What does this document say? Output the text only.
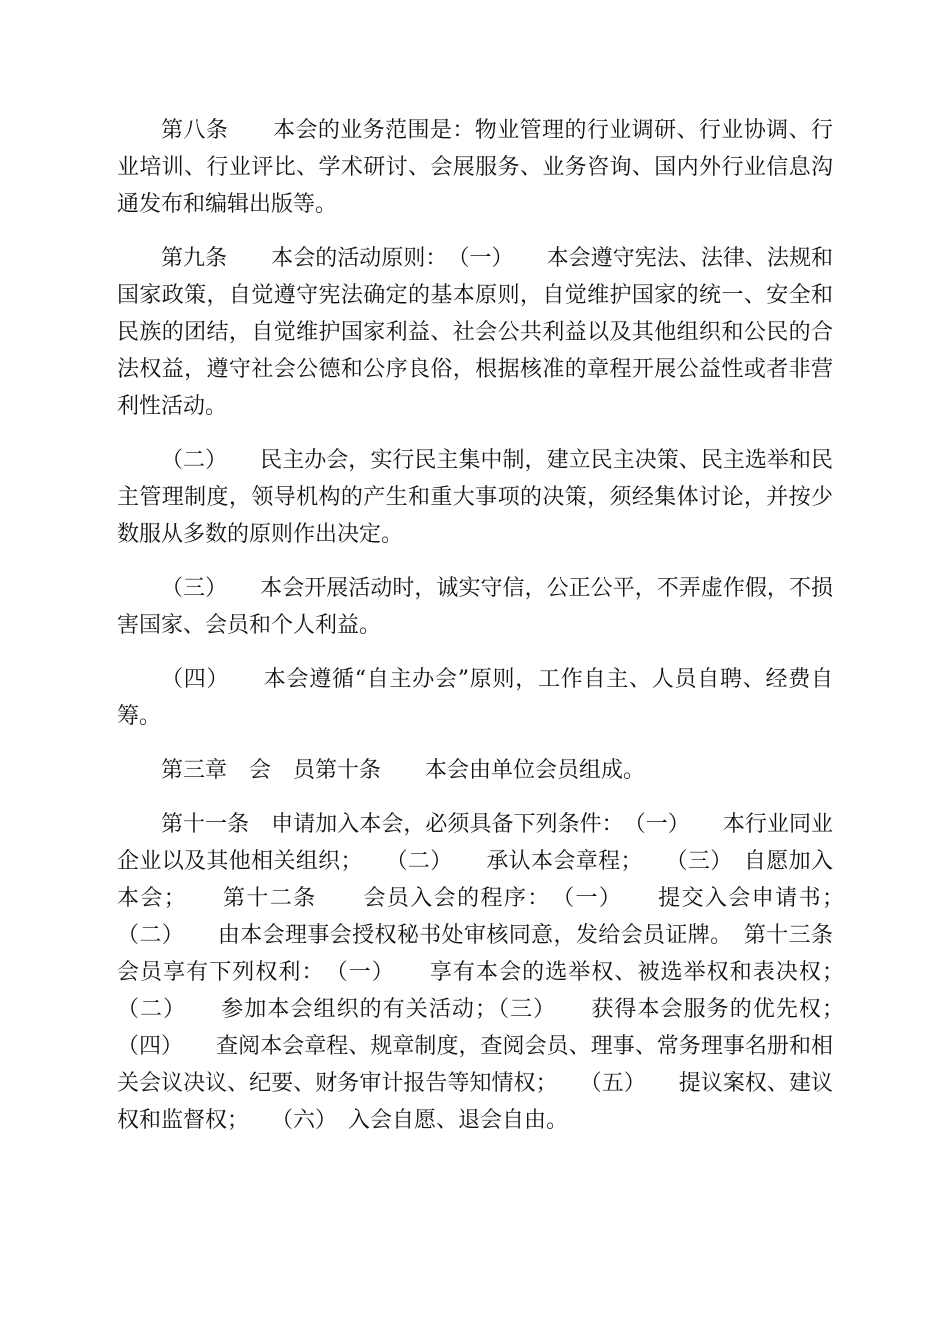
第八条　　本会的业务范围是：物业管理的行业调研、行业协调、行业培训、行业评比、学术研讨、会展服务、业务咨询、国内外行业信息沟通发布和编辑出版等。

第九条　　本会的活动原则：　（一）　　本会遵守宪法、法律、法规和国家政策，自觉遵守宪法确定的基本原则，自觉维护国家的统一、安全和民族的团结，自觉维护国家利益、社会公共利益以及其他组织和公民的合法权益，遵守社会公德和公序良俗，根据核准的章程开展公益性或者非营利性活动。

（二）　　民主办会，实行民主集中制，建立民主决策、民主选举和民主管理制度，领导机构的产生和重大事项的决策，须经集体讨论，并按少数服从多数的原则作出决定。

（三）　　本会开展活动时，诚实守信，公正公平，不弄虚作假，不损害国家、会员和个人利益。

（四）　　本会遵循“自主办会”原则，工作自主、人员自聘、经费自筹。

第三章　会　员第十条　　本会由单位会员组成。

第十一条　申请加入本会，必须具备下列条件：　（一）　　本行业同业企业以及其他相关组织；　　（二）　　承认本会章程；　　（三）　自愿加入本会；　　第十二条　　会员入会的程序：　（一）　　提交入会申请书；　　（二）　　由本会理事会授权秘书处审核同意，发给会员证牌。　第十三条　　会员享有下列权利：　（一）　　享有本会的选举权、被选举权和表决权；　　（二）　　参加本会组织的有关活动；（三）　　获得本会服务的优先权；　　（四）　　查阅本会章程、规章制度，查阅会员、理事、常务理事名册和相关会议决议、纪要、财务审计报告等知情权；　　（五）　　提议案权、建议权和监督权；　　（六）　入会自愿、退会自由。
